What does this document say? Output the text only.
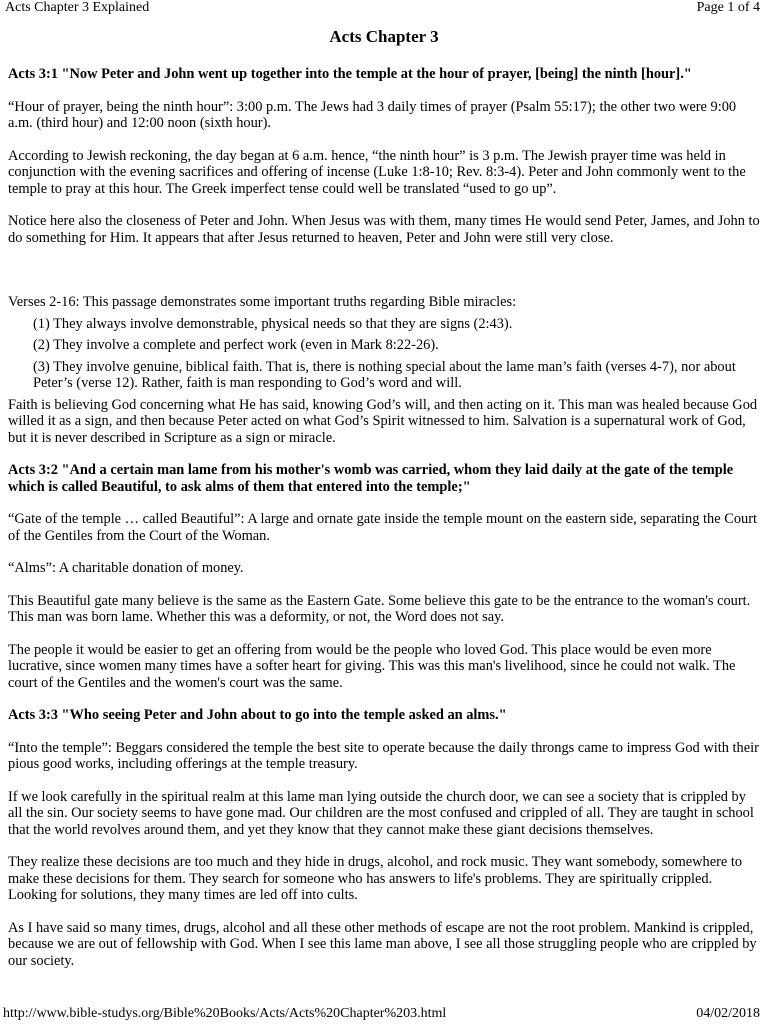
Acts Chapter 3 Explained	Page 1 of 4
Acts Chapter 3

Acts 3:1 "Now Peter and John went up together into the temple at the hour of prayer, [being] the ninth [hour]."

“Hour of prayer, being the ninth hour”: 3:00 p.m. The Jews had 3 daily times of prayer (Psalm 55:17); the other two were 9:00 a.m. (third hour) and 12:00 noon (sixth hour).

According to Jewish reckoning, the day began at 6 a.m. hence, “the ninth hour” is 3 p.m. The Jewish prayer time was held in conjunction with the evening sacrifices and offering of incense (Luke 1:8-10; Rev. 8:3-4). Peter and John commonly went to the temple to pray at this hour. The Greek imperfect tense could well be translated “used to go up”.

Notice here also the closeness of Peter and John. When Jesus was with them, many times He would send Peter, James, and John to do something for Him. It appears that after Jesus returned to heaven, Peter and John were still very close.

Verses 2-16: This passage demonstrates some important truths regarding Bible miracles:

(1) They always involve demonstrable, physical needs so that they are signs (2:43).
(2) They involve a complete and perfect work (even in Mark 8:22-26).
(3) They involve genuine, biblical faith. That is, there is nothing special about the lame man’s faith (verses 4-7), nor about Peter’s (verse 12). Rather, faith is man responding to God’s word and will.

Faith is believing God concerning what He has said, knowing God’s will, and then acting on it. This man was healed because God willed it as a sign, and then because Peter acted on what God’s Spirit witnessed to him. Salvation is a supernatural work of God, but it is never described in Scripture as a sign or miracle.

Acts 3:2 "And a certain man lame from his mother's womb was carried, whom they laid daily at the gate of the temple which is called Beautiful, to ask alms of them that entered into the temple;"

“Gate of the temple … called Beautiful”: A large and ornate gate inside the temple mount on the eastern side, separating the Court of the Gentiles from the Court of the Woman.

“Alms”: A charitable donation of money.

This Beautiful gate many believe is the same as the Eastern Gate. Some believe this gate to be the entrance to the woman's court. This man was born lame. Whether this was a deformity, or not, the Word does not say.

The people it would be easier to get an offering from would be the people who loved God. This place would be even more lucrative, since women many times have a softer heart for giving. This was this man's livelihood, since he could not walk. The court of the Gentiles and the women's court was the same.

Acts 3:3 "Who seeing Peter and John about to go into the temple asked an alms."

“Into the temple”: Beggars considered the temple the best site to operate because the daily throngs came to impress God with their pious good works, including offerings at the temple treasury.

If we look carefully in the spiritual realm at this lame man lying outside the church door, we can see a society that is crippled by all the sin. Our society seems to have gone mad. Our children are the most confused and crippled of all. They are taught in school that the world revolves around them, and yet they know that they cannot make these giant decisions themselves.

They realize these decisions are too much and they hide in drugs, alcohol, and rock music. They want somebody, somewhere to make these decisions for them. They search for someone who has answers to life's problems. They are spiritually crippled. Looking for solutions, they many times are led off into cults.

As I have said so many times, drugs, alcohol and all these other methods of escape are not the root problem. Mankind is crippled, because we are out of fellowship with God. When I see this lame man above, I see all those struggling people who are crippled by our society.

http://www.bible-studys.org/Bible%20Books/Acts/Acts%20Chapter%203.html	04/02/2018
